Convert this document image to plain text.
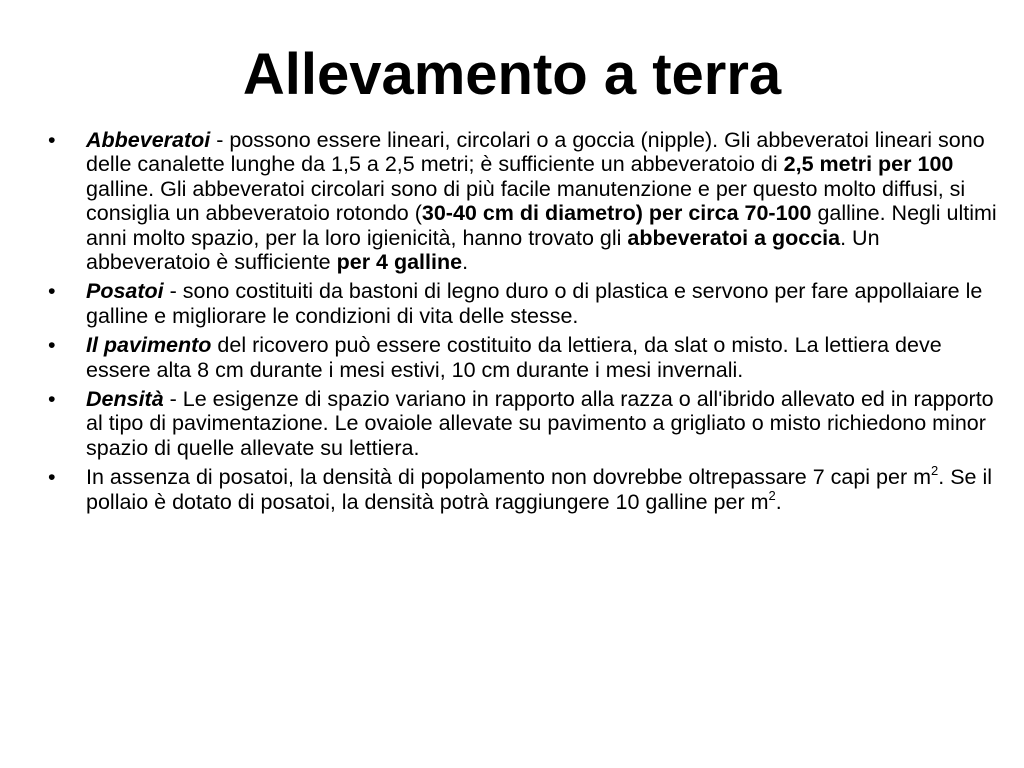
Allevamento a terra
•	Abbeveratoi - possono essere lineari, circolari o a goccia (nipple). Gli abbeveratoi lineari sono delle canalette lunghe da 1,5 a 2,5 metri; è sufficiente un abbeveratoio di 2,5 metri per 100 galline. Gli abbeveratoi circolari sono di più facile manutenzione e per questo molto diffusi, si consiglia un abbeveratoio rotondo (30-40 cm di diametro) per circa 70-100 galline. Negli ultimi anni molto spazio, per la loro igienicità, hanno trovato gli abbeveratoi a goccia. Un abbeveratoio è sufficiente per 4 galline.
•	Posatoi - sono costituiti da bastoni di legno duro o di plastica e servono per fare appollaiare le galline e migliorare le condizioni di vita delle stesse.
•	Il pavimento del ricovero può essere costituito da lettiera, da slat o misto. La lettiera deve essere alta 8 cm durante i mesi estivi, 10 cm durante i mesi invernali.
•	Densità - Le esigenze di spazio variano in rapporto alla razza o all'ibrido allevato ed in rapporto al tipo di pavimentazione. Le ovaiole allevate su pavimento a grigliato o misto richiedono minor spazio di quelle allevate su lettiera.
•	In assenza di posatoi, la densità di popolamento non dovrebbe oltrepassare 7 capi per $m^2$. Se il pollaio è dotato di posatoi, la densità potrà raggiungere 10 galline per $m^2$.
